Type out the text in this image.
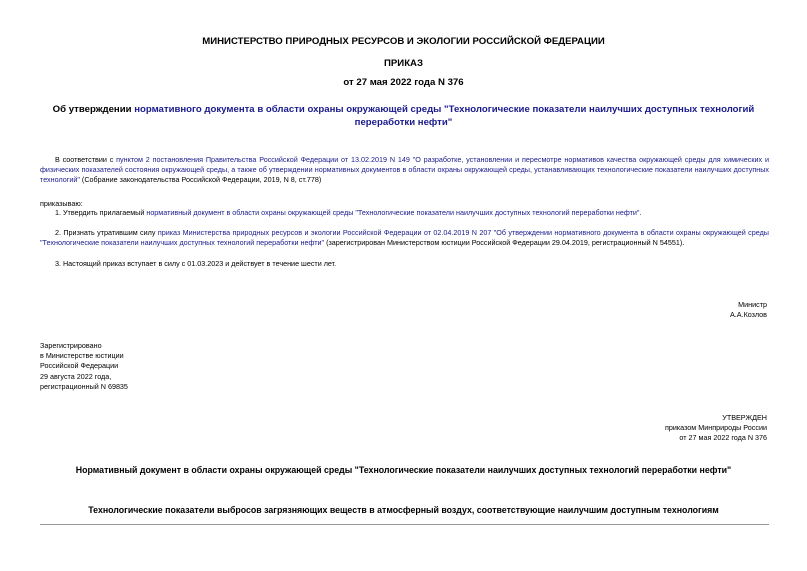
МИНИСТЕРСТВО ПРИРОДНЫХ РЕСУРСОВ И ЭКОЛОГИИ РОССИЙСКОЙ ФЕДЕРАЦИИ
ПРИКАЗ
от 27 мая 2022 года N 376
Об утверждении нормативного документа в области охраны окружающей среды "Технологические показатели наилучших доступных технологий переработки нефти"
В соответствии с пунктом 2 постановления Правительства Российской Федерации от 13.02.2019 N 149 "О разработке, установлении и пересмотре нормативов качества окружающей среды для химических и физических показателей состояния окружающей среды, а также об утверждении нормативных документов в области охраны окружающей среды, устанавливающих технологические показатели наилучших доступных технологий" (Собрание законодательства Российской Федерации, 2019, N 8, ст.778)
приказываю:
1. Утвердить прилагаемый нормативный документ в области охраны окружающей среды "Технологические показатели наилучших доступных технологий переработки нефти".
2. Признать утратившим силу приказ Министерства природных ресурсов и экологии Российской Федерации от 02.04.2019 N 207 "Об утверждении нормативного документа в области охраны окружающей среды "Технологические показатели наилучших доступных технологий переработки нефти" (зарегистрирован Министерством юстиции Российской Федерации 29.04.2019, регистрационный N 54551).
3. Настоящий приказ вступает в силу с 01.03.2023 и действует в течение шести лет.
Министр
А.А.Козлов
Зарегистрировано
в Министерстве юстиции
Российской Федерации
29 августа 2022 года,
регистрационный N 69835
УТВЕРЖДЕН
приказом Минприроды России
от 27 мая 2022 года N 376
Нормативный документ в области охраны окружающей среды "Технологические показатели наилучших доступных технологий переработки нефти"
Технологические показатели выбросов загрязняющих веществ в атмосферный воздух, соответствующие наилучшим доступным технологиям
